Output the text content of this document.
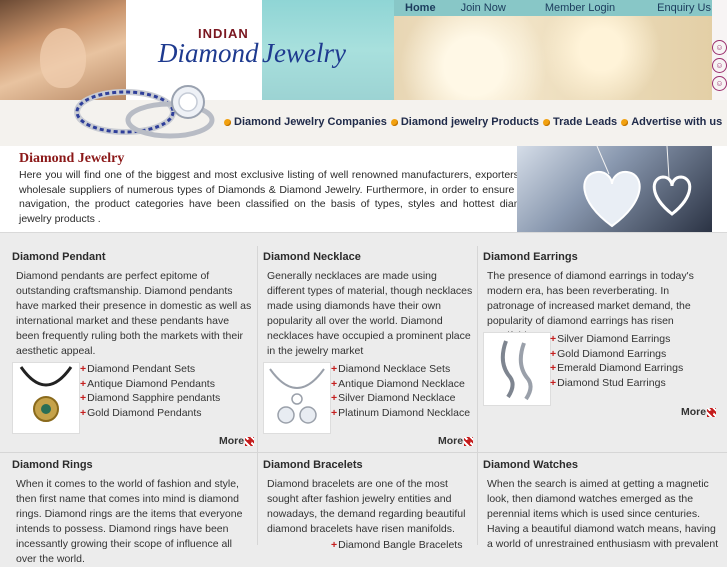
INDIAN
Diamond Jewelry	☺
☺
☺
Home Join Now	Member Login	Enquiry Us
Diamond Jewelry Companies Diamond jewelry Products Trade Leads Advertise with us
Diamond Jewelry
Here you will find one of the biggest and most exclusive listing of well renowned manufacturers, exporters and wholesale suppliers of numerous types of Diamonds & Diamond Jewelry. Furthermore, in order to ensure easy navigation, the product categories have been classified on the basis of types, styles and hottest diamond jewelry products .
Diamond Pendant
Diamond pendants are perfect epitome of outstanding craftsmanship. Diamond pendants have marked their presence in domestic as well as international market and these pendants have been frequently ruling both the markets with their aesthetic appeal.
+ Diamond Pendant Sets
+ Antique Diamond Pendants
+ Diamond Sapphire pendants
+ Gold Diamond Pendants
More
Diamond Necklace
Generally necklaces are made using different types of material, though necklaces made using diamonds have their own popularity all over the world. Diamond necklaces have occupied a prominent place in the jewelry market
+ Diamond Necklace Sets
+ Antique Diamond Necklace
+ Silver Diamond Necklace
+ Platinum Diamond Necklace
More
Diamond Earrings
The presence of diamond earrings in today's modern era, has been reverberating. In patronage of increased market demand, the popularity of diamond earrings has risen manifolds.
+	Silver Diamond Earrings
+ Gold Diamond Earrings
+ Emerald Diamond Earrings
+ Diamond Stud Earrings
More
Diamond Rings
When it comes to the world of fashion and style, then first name that comes into mind is diamond rings. Diamond rings are the items that everyone intends to possess. Diamond rings have been incessantly growing their scope of influence all over the world.
Diamond Bracelets
Diamond bracelets are one of the most sought after fashion jewelry entities and nowadays, the demand regarding beautiful diamond bracelets have risen manifolds.
+ Diamond Bangle Bracelets
Diamond Watches
When the search is aimed at getting a magnetic look, then diamond watches emerged as the perennial items which is used since centuries. Having a beautiful diamond watch means, having a world of unrestrained enthusiasm with prevalent
